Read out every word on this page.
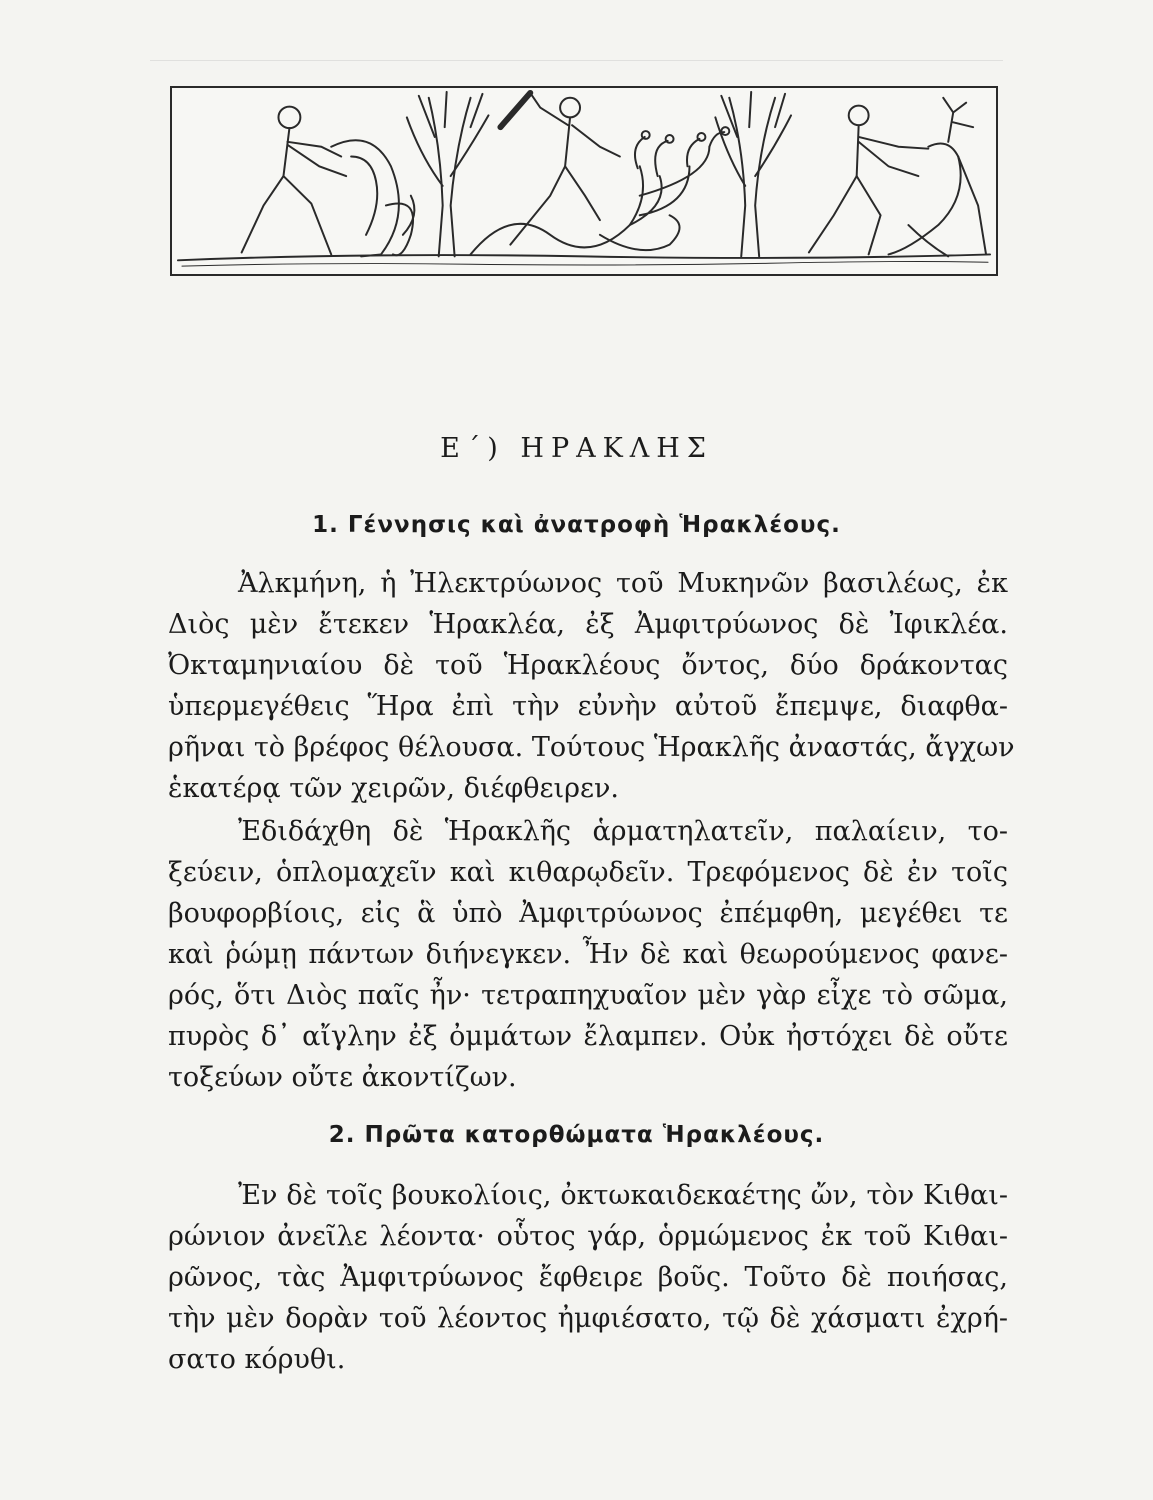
Ε΄) ΗΡΑΚΛΗΣ
1. Γέννησις καὶ ἀνατροφὴ Ἡρακλέους.
Ἀλκμήνη, ἡ Ἠλεκτρύωνος τοῦ Μυκηνῶν βασιλέως, ἐκ
Διὸς μὲν ἔτεκεν Ἡρακλέα, ἐξ Ἀμφιτρύωνος δὲ Ἰφικλέα.
Ὀκταμηνιαίου δὲ τοῦ Ἡρακλέους ὄντος, δύο δράκοντας
ὑπερμεγέθεις Ἥρα ἐπὶ τὴν εὐνὴν αὐτοῦ ἔπεμψε, διαφθα-
ρῆναι τὸ βρέφος θέλουσα. Τούτους Ἡρακλῆς ἀναστάς, ἄγχων
ἑκατέρᾳ τῶν χειρῶν, διέφθειρεν.
Ἐδιδάχθη δὲ Ἡρακλῆς ἁρματηλατεῖν, παλαίειν, το-
ξεύειν, ὁπλομαχεῖν καὶ κιθαρῳδεῖν. Τρεφόμενος δὲ ἐν τοῖς
βουφορβίοις, εἰς ἃ ὑπὸ Ἀμφιτρύωνος ἐπέμφθη, μεγέθει τε
καὶ ῥώμῃ πάντων διήνεγκεν. Ἦν δὲ καὶ θεωρούμενος φανε-
ρός, ὅτι Διὸς παῖς ἦν· τετραπηχυαῖον μὲν γὰρ εἶχε τὸ σῶμα,
πυρὸς δ᾽ αἴγλην ἐξ ὀμμάτων ἔλαμπεν. Οὐκ ἠστόχει δὲ οὔτε
τοξεύων οὔτε ἀκοντίζων.
2. Πρῶτα κατορθώματα Ἡρακλέους.
Ἐν δὲ τοῖς βουκολίοις, ὀκτωκαιδεκαέτης ὤν, τὸν Κιθαι-
ρώνιον ἀνεῖλε λέοντα· οὗτος γάρ, ὁρμώμενος ἐκ τοῦ Κιθαι-
ρῶνος, τὰς Ἀμφιτρύωνος ἔφθειρε βοῦς. Τοῦτο δὲ ποιήσας,
τὴν μὲν δορὰν τοῦ λέοντος ἠμφιέσατο, τῷ δὲ χάσματι ἐχρή-
σατο κόρυθι.
